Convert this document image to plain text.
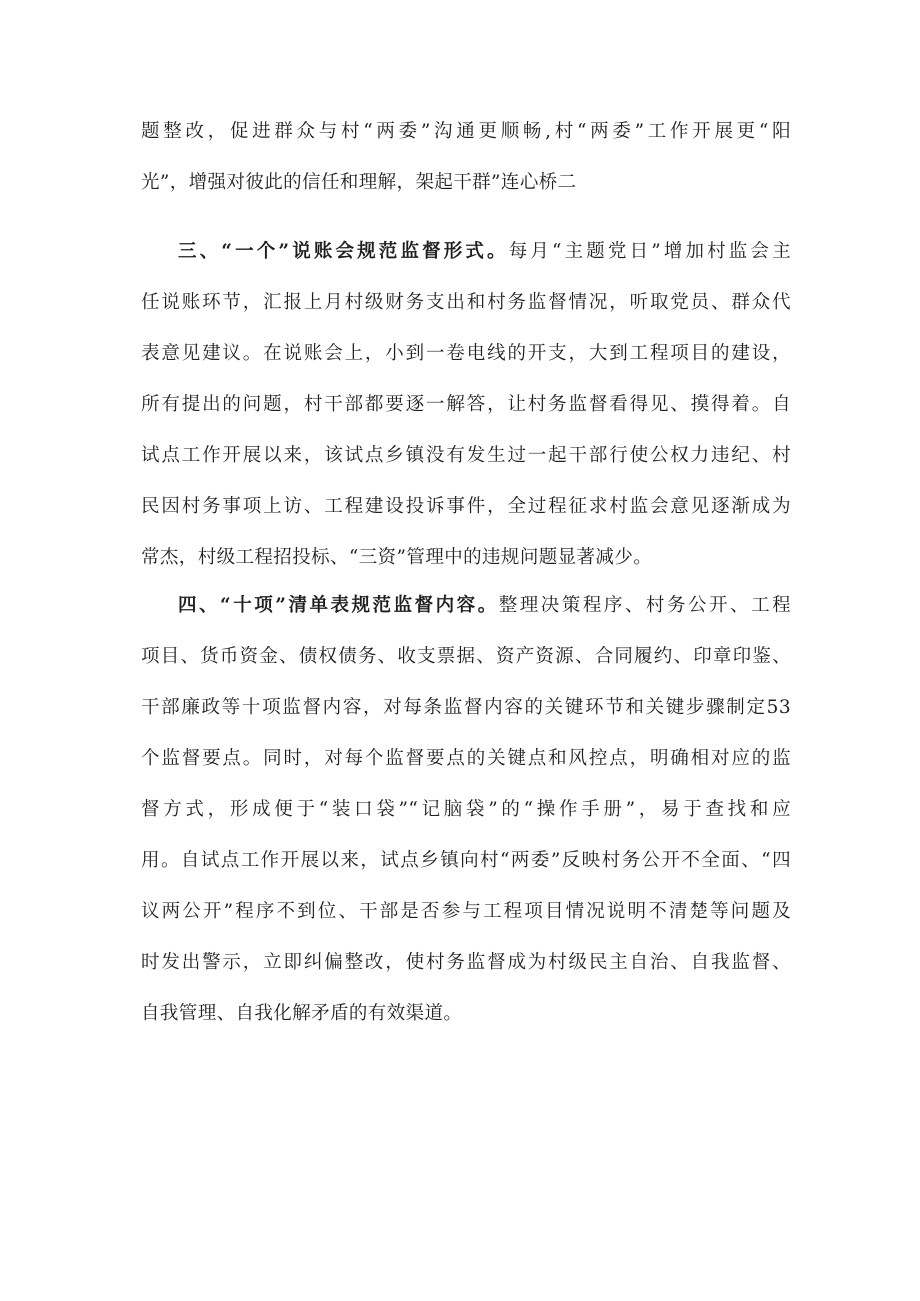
题整改，促进群众与村“两委”沟通更顺畅,村“两委”工作开展更“阳
光”，增强对彼此的信任和理解，架起干群”连心桥二
三、“一个”说账会规范监督形式。每月“主题党日”增加村监会主
任说账环节，汇报上月村级财务支出和村务监督情况，听取党员、群众代
表意见建议。在说账会上，小到一卷电线的开支，大到工程项目的建设，
所有提出的问题，村干部都要逐一解答，让村务监督看得见、摸得着。自
试点工作开展以来，该试点乡镇没有发生过一起干部行使公权力违纪、村
民因村务事项上访、工程建设投诉事件，全过程征求村监会意见逐渐成为
常杰，村级工程招投标、“三资”管理中的违规问题显著减少。
四、“十项”清单表规范监督内容。整理决策程序、村务公开、工程
项目、货币资金、债权债务、收支票据、资产资源、合同履约、印章印鉴、
干部廉政等十项监督内容，对每条监督内容的关键环节和关键步骤制定53
个监督要点。同时，对每个监督要点的关键点和风控点，明确相对应的监
督方式，形成便于“装口袋”“记脑袋”的“操作手册”，易于查找和应
用。自试点工作开展以来，试点乡镇向村“两委”反映村务公开不全面、“四
议两公开”程序不到位、干部是否参与工程项目情况说明不清楚等问题及
时发出警示，立即纠偏整改，使村务监督成为村级民主自治、自我监督、
自我管理、自我化解矛盾的有效渠道。
